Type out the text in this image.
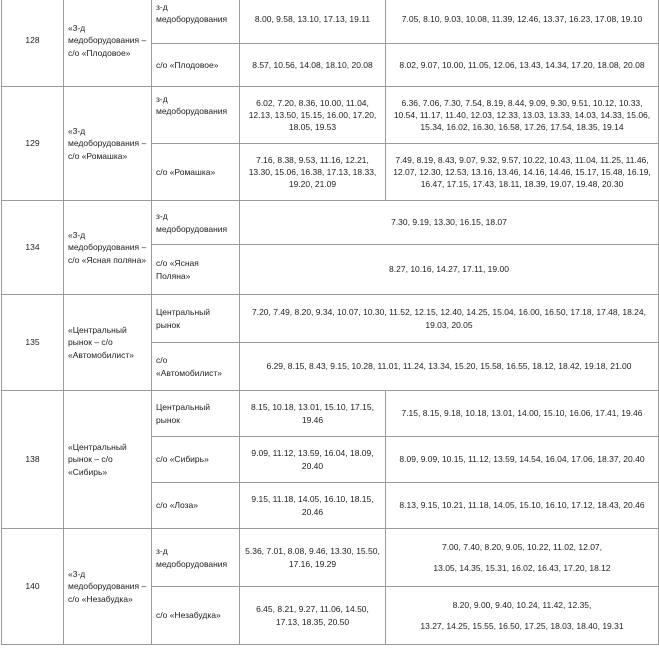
128	«3-д медоборудования – с/о «Плодовое»	з-д медоборудования	8.00, 9.58, 13.10, 17.13, 19.11	7.05, 8.10, 9.03, 10.08, 11.39, 12.46, 13.37, 16.23, 17.08, 19.10
		с/о «Плодовое»	8.57, 10.56, 14.08, 18.10, 20.08	8.02, 9.07, 10.00, 11.05, 12.06, 13.43, 14.34, 17.20, 18.08, 20.08
129	«3-д медоборудования – с/о «Ромашка»	з-д медоборудования	6.02, 7.20, 8.36, 10.00, 11.04, 12.13, 13.50, 15.15, 16.00, 17.20, 18.05, 19.53	6.36, 7.06, 7.30, 7.54, 8.19, 8.44, 9.09, 9.30, 9.51, 10.12, 10.33, 10.54, 11.17, 11.40, 12.03, 12.33, 13.03, 13.33, 14.03, 14.33, 15.06, 15.34, 16.02, 16.30, 16.58, 17.26, 17.54, 18.35, 19.14
		с/о «Ромашка»	7.16, 8.38, 9.53, 11.16, 12.21, 13.30, 15.06, 16.38, 17.13, 18.33, 19.20, 21.09	7.49, 8.19, 8.43, 9.07, 9.32, 9.57, 10.22, 10.43, 11.04, 11.25, 11.46, 12.07, 12.30, 12.53, 13.16, 13.46, 14.16, 14.46, 15.17, 15.48, 16.19, 16.47, 17.15, 17.43, 18.11, 18.39, 19.07, 19.48, 20.30
134	«3-д медоборудования – с/о «Ясная поляна»	з-д медоборудования	7.30, 9.19, 13.30, 16.15, 18.07	
		с/о «Ясная Поляна»	8.27, 10.16, 14.27, 17.11, 19.00	
135	«Центральный рынок – с/о «Автомобилист»	Центральный рынок	7.20, 7.49, 8.20, 9.34, 10.07, 10.30, 11.52, 12.15, 12.40, 14.25, 15.04, 16.00, 16.50, 17.18, 17.48, 18.24, 19.03, 20.05	
		с/о «Автомобилист»	6.29, 8.15, 8.43, 9.15, 10.28, 11.01, 11.24, 13.34, 15.20, 15.58, 16.55, 18.12, 18.42, 19.18, 21.00	
138	«Центральный рынок – с/о «Сибирь»	Центральный рынок	8.15, 10.18, 13.01, 15.10, 17.15, 19.46	7.15, 8.15, 9.18, 10.18, 13.01, 14.00, 15.10, 16.06, 17.41, 19.46
		с/о «Сибирь»	9.09, 11.12, 13.59, 16.04, 18.09, 20.40	8.09, 9.09, 10.15, 11.12, 13.59, 14.54, 16.04, 17.06, 18.37, 20.40
		с/о «Лоза»	9.15, 11.18, 14.05, 16.10, 18.15, 20.46	8.13, 9.15, 10.21, 11.18, 14.05, 15.10, 16.10, 17.12, 18.43, 20.46
140	«3-д медоборудования – с/о «Незабудка»	з-д медоборудования	5.36, 7.01, 8.08, 9.46, 13.30, 15.50, 17.16, 19.29	7.00, 7.40, 8.20, 9.05, 10.22, 11.02, 12.07,
13.05, 14.35, 15.31, 16.02, 16.43, 17.20, 18.12

		с/о «Незабудка»	6.45, 8.21, 9.27, 11.06, 14.50, 17.13, 18.35, 20.50	8.20, 9.00, 9.40, 10.24, 11.42, 12.35,
13.27, 14.25, 15.55, 16.50, 17.25, 18.03, 18.40, 19.31
